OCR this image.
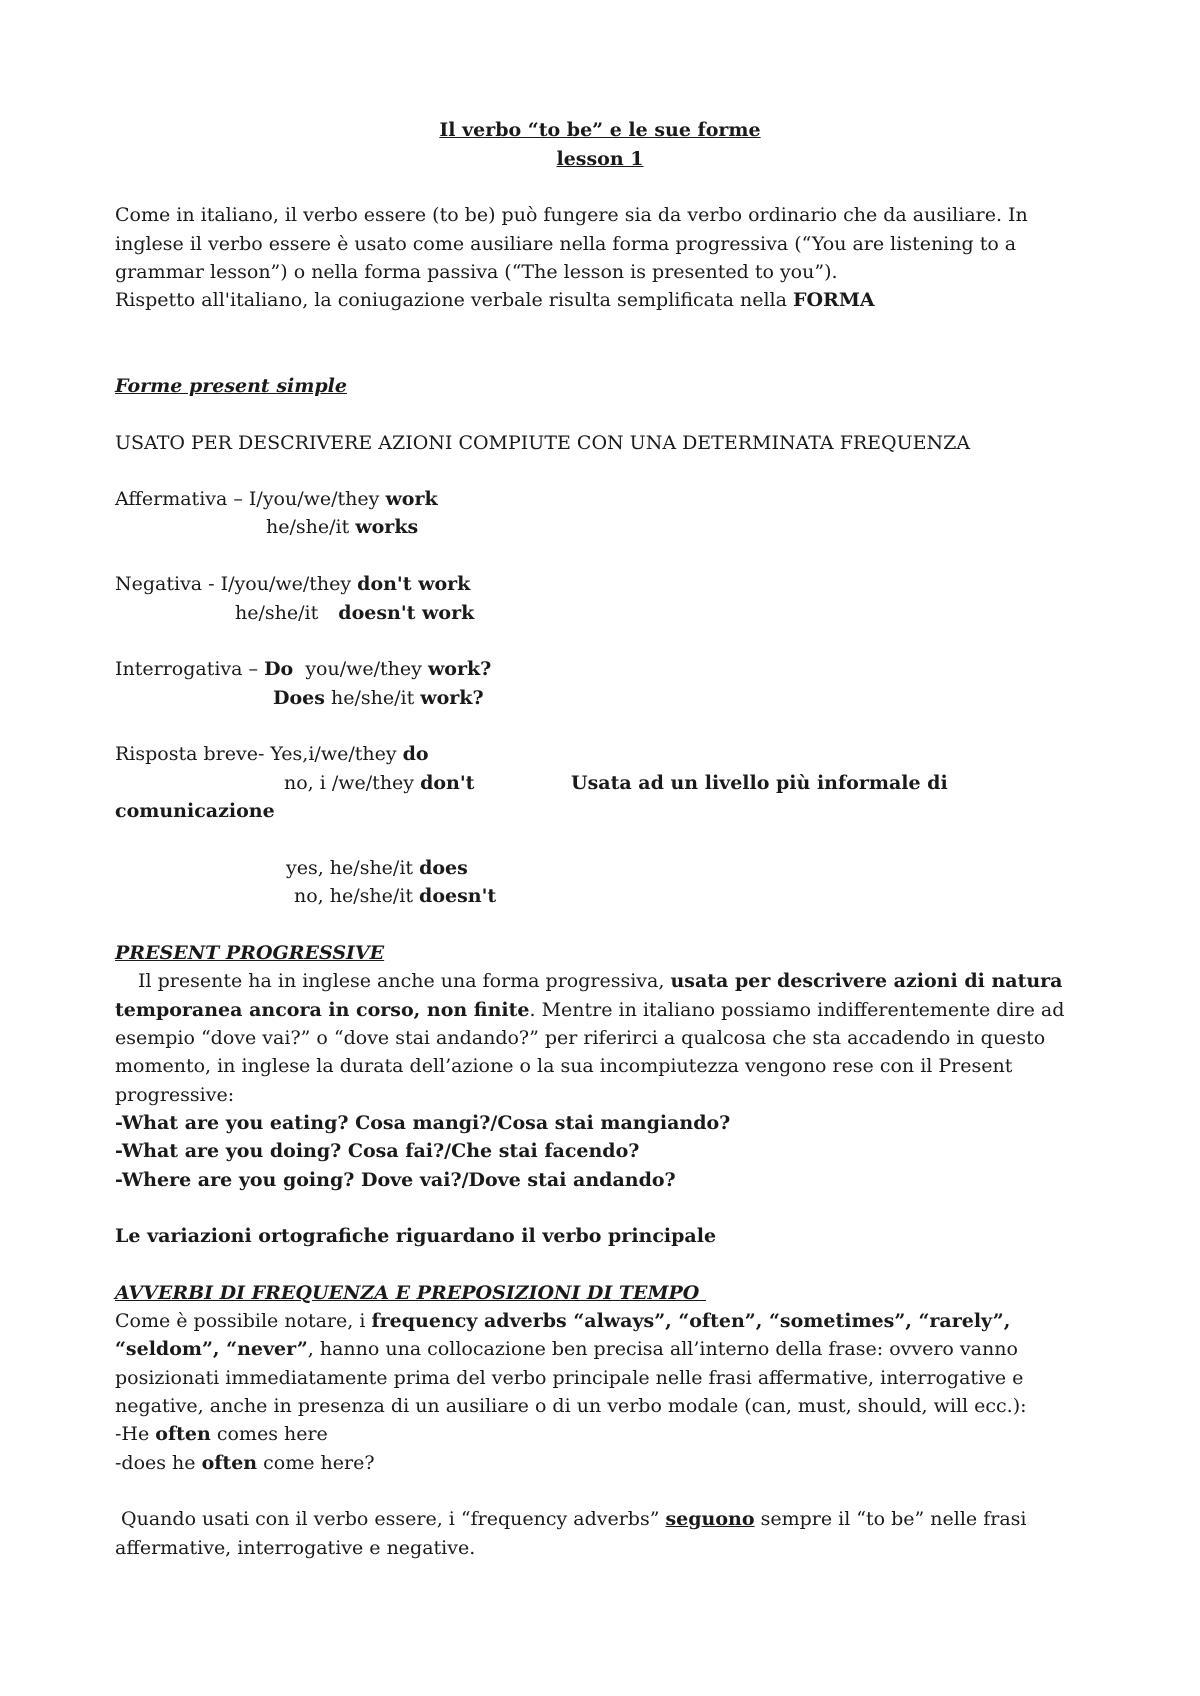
Il verbo “to be” e le sue forme
lesson 1
Come in italiano, il verbo essere (to be) può fungere sia da verbo ordinario che da ausiliare. In
inglese il verbo essere è usato come ausiliare nella forma progressiva (“You are listening to a
grammar lesson”) o nella forma passiva (“The lesson is presented to you”).
Rispetto all'italiano, la coniugazione verbale risulta semplificata nella FORMA
Forme present simple
USATO PER DESCRIVERE AZIONI COMPIUTE CON UNA DETERMINATA FREQUENZA
Affermativa – I/you/we/they work
he/she/it works
Negativa - I/you/we/they don't work
he/she/it doesn't work
Interrogativa – Do  you/we/they work?
Does he/she/it work?
Risposta breve- Yes,i/we/they do
no, i /we/they don't	Usata ad un livello più informale di
comunicazione
yes, he/she/it does
no, he/she/it doesn't
PRESENT PROGRESSIVE
Il presente ha in inglese anche una forma progressiva, usata per descrivere azioni di natura
temporanea ancora in corso, non finite. Mentre in italiano possiamo indifferentemente dire ad
esempio “dove vai?” o “dove stai andando?” per riferirci a qualcosa che sta accadendo in questo
momento, in inglese la durata dell’azione o la sua incompiutezza vengono rese con il Present
progressive:
-What are you eating? Cosa mangi?/Cosa stai mangiando?
-What are you doing? Cosa fai?/Che stai facendo?
-Where are you going? Dove vai?/Dove stai andando?
Le variazioni ortografiche riguardano il verbo principale
AVVERBI DI FREQUENZA E PREPOSIZIONI DI TEMPO
Come è possibile notare, i frequency adverbs “always”, “often”, “sometimes”, “rarely”,
“seldom”, “never”, hanno una collocazione ben precisa all’interno della frase: ovvero vanno
posizionati immediatamente prima del verbo principale nelle frasi affermative, interrogative e
negative, anche in presenza di un ausiliare o di un verbo modale (can, must, should, will ecc.):
-He often comes here
-does he often come here?
Quando usati con il verbo essere, i “frequency adverbs” seguono sempre il “to be” nelle frasi
affermative, interrogative e negative.
